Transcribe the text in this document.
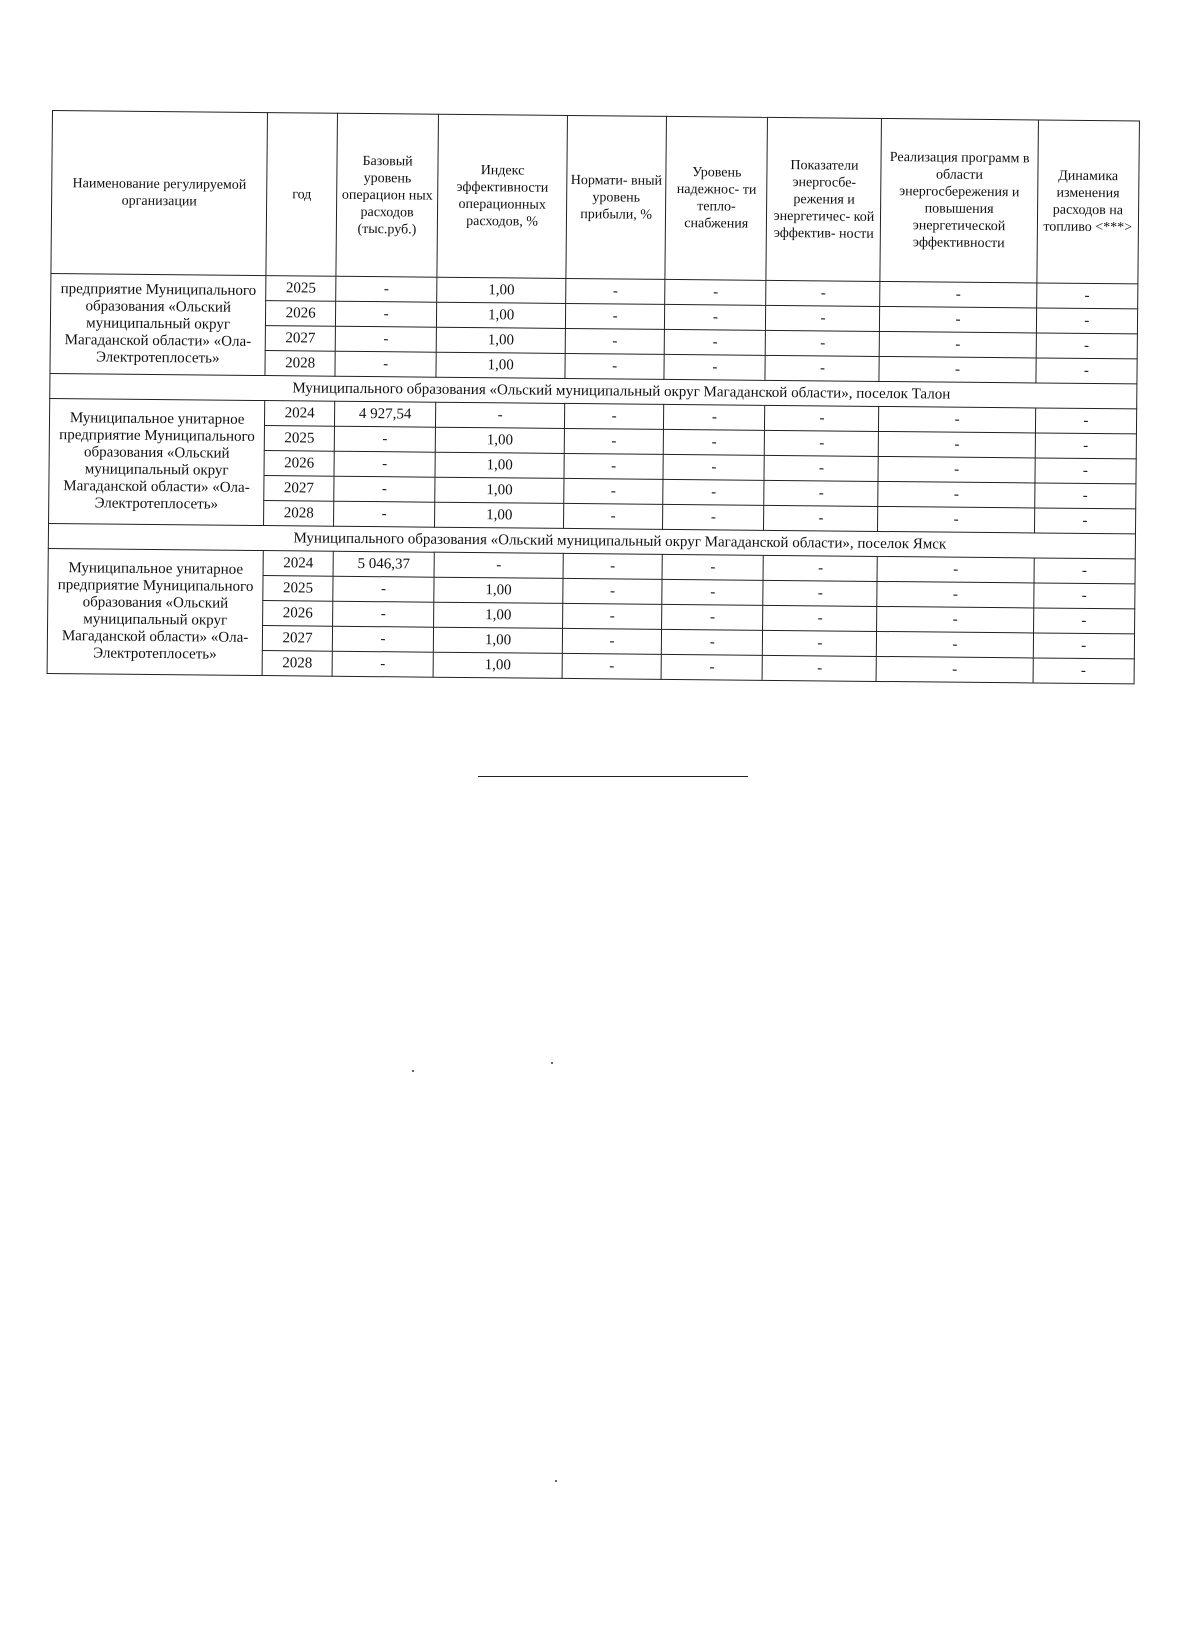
Наименование регулируемой организации	год	Базовый уровень операцион ных расходов (тыс.руб.)	Индекс эффективности операционных расходов, %	Нормати- вный уровень прибыли, %	Уровень надежнос- ти тепло- снабжения	Показатели энергосбе- режения и энергетичес- кой эффектив- ности	Реализация программ в области энергосбережения и повышения энергетической эффективности	Динамика изменения расходов на топливо <***>
предприятие Муниципального образования «Ольский муниципальный округ Магаданской области» «Ола-Электротеплосеть»	2025	-	1,00	-	-	-	-	-
	2026	-	1,00	-	-	-	-	-
	2027	-	1,00	-	-	-	-	-
	2028	-	1,00	-	-	-	-	-
Муниципального образования «Ольский муниципальный округ Магаданской области», поселок Талон								
Муниципальное унитарное предприятие Муниципального образования «Ольский муниципальный округ Магаданской области» «Ола-Электротеплосеть»	2024	4 927,54	-	-	-	-	-	-
	2025	-	1,00	-	-	-	-	-
	2026	-	1,00	-	-	-	-	-
	2027	-	1,00	-	-	-	-	-
	2028	-	1,00	-	-	-	-	-
Муниципального образования «Ольский муниципальный округ Магаданской области», поселок Ямск								
Муниципальное унитарное предприятие Муниципального образования «Ольский муниципальный округ Магаданской области» «Ола-Электротеплосеть»	2024	5 046,37	-	-	-	-	-	-
	2025	-	1,00	-	-	-	-	-
	2026	-	1,00	-	-	-	-	-
	2027	-	1,00	-	-	-	-	-
	2028	-	1,00	-	-	-	-	-
